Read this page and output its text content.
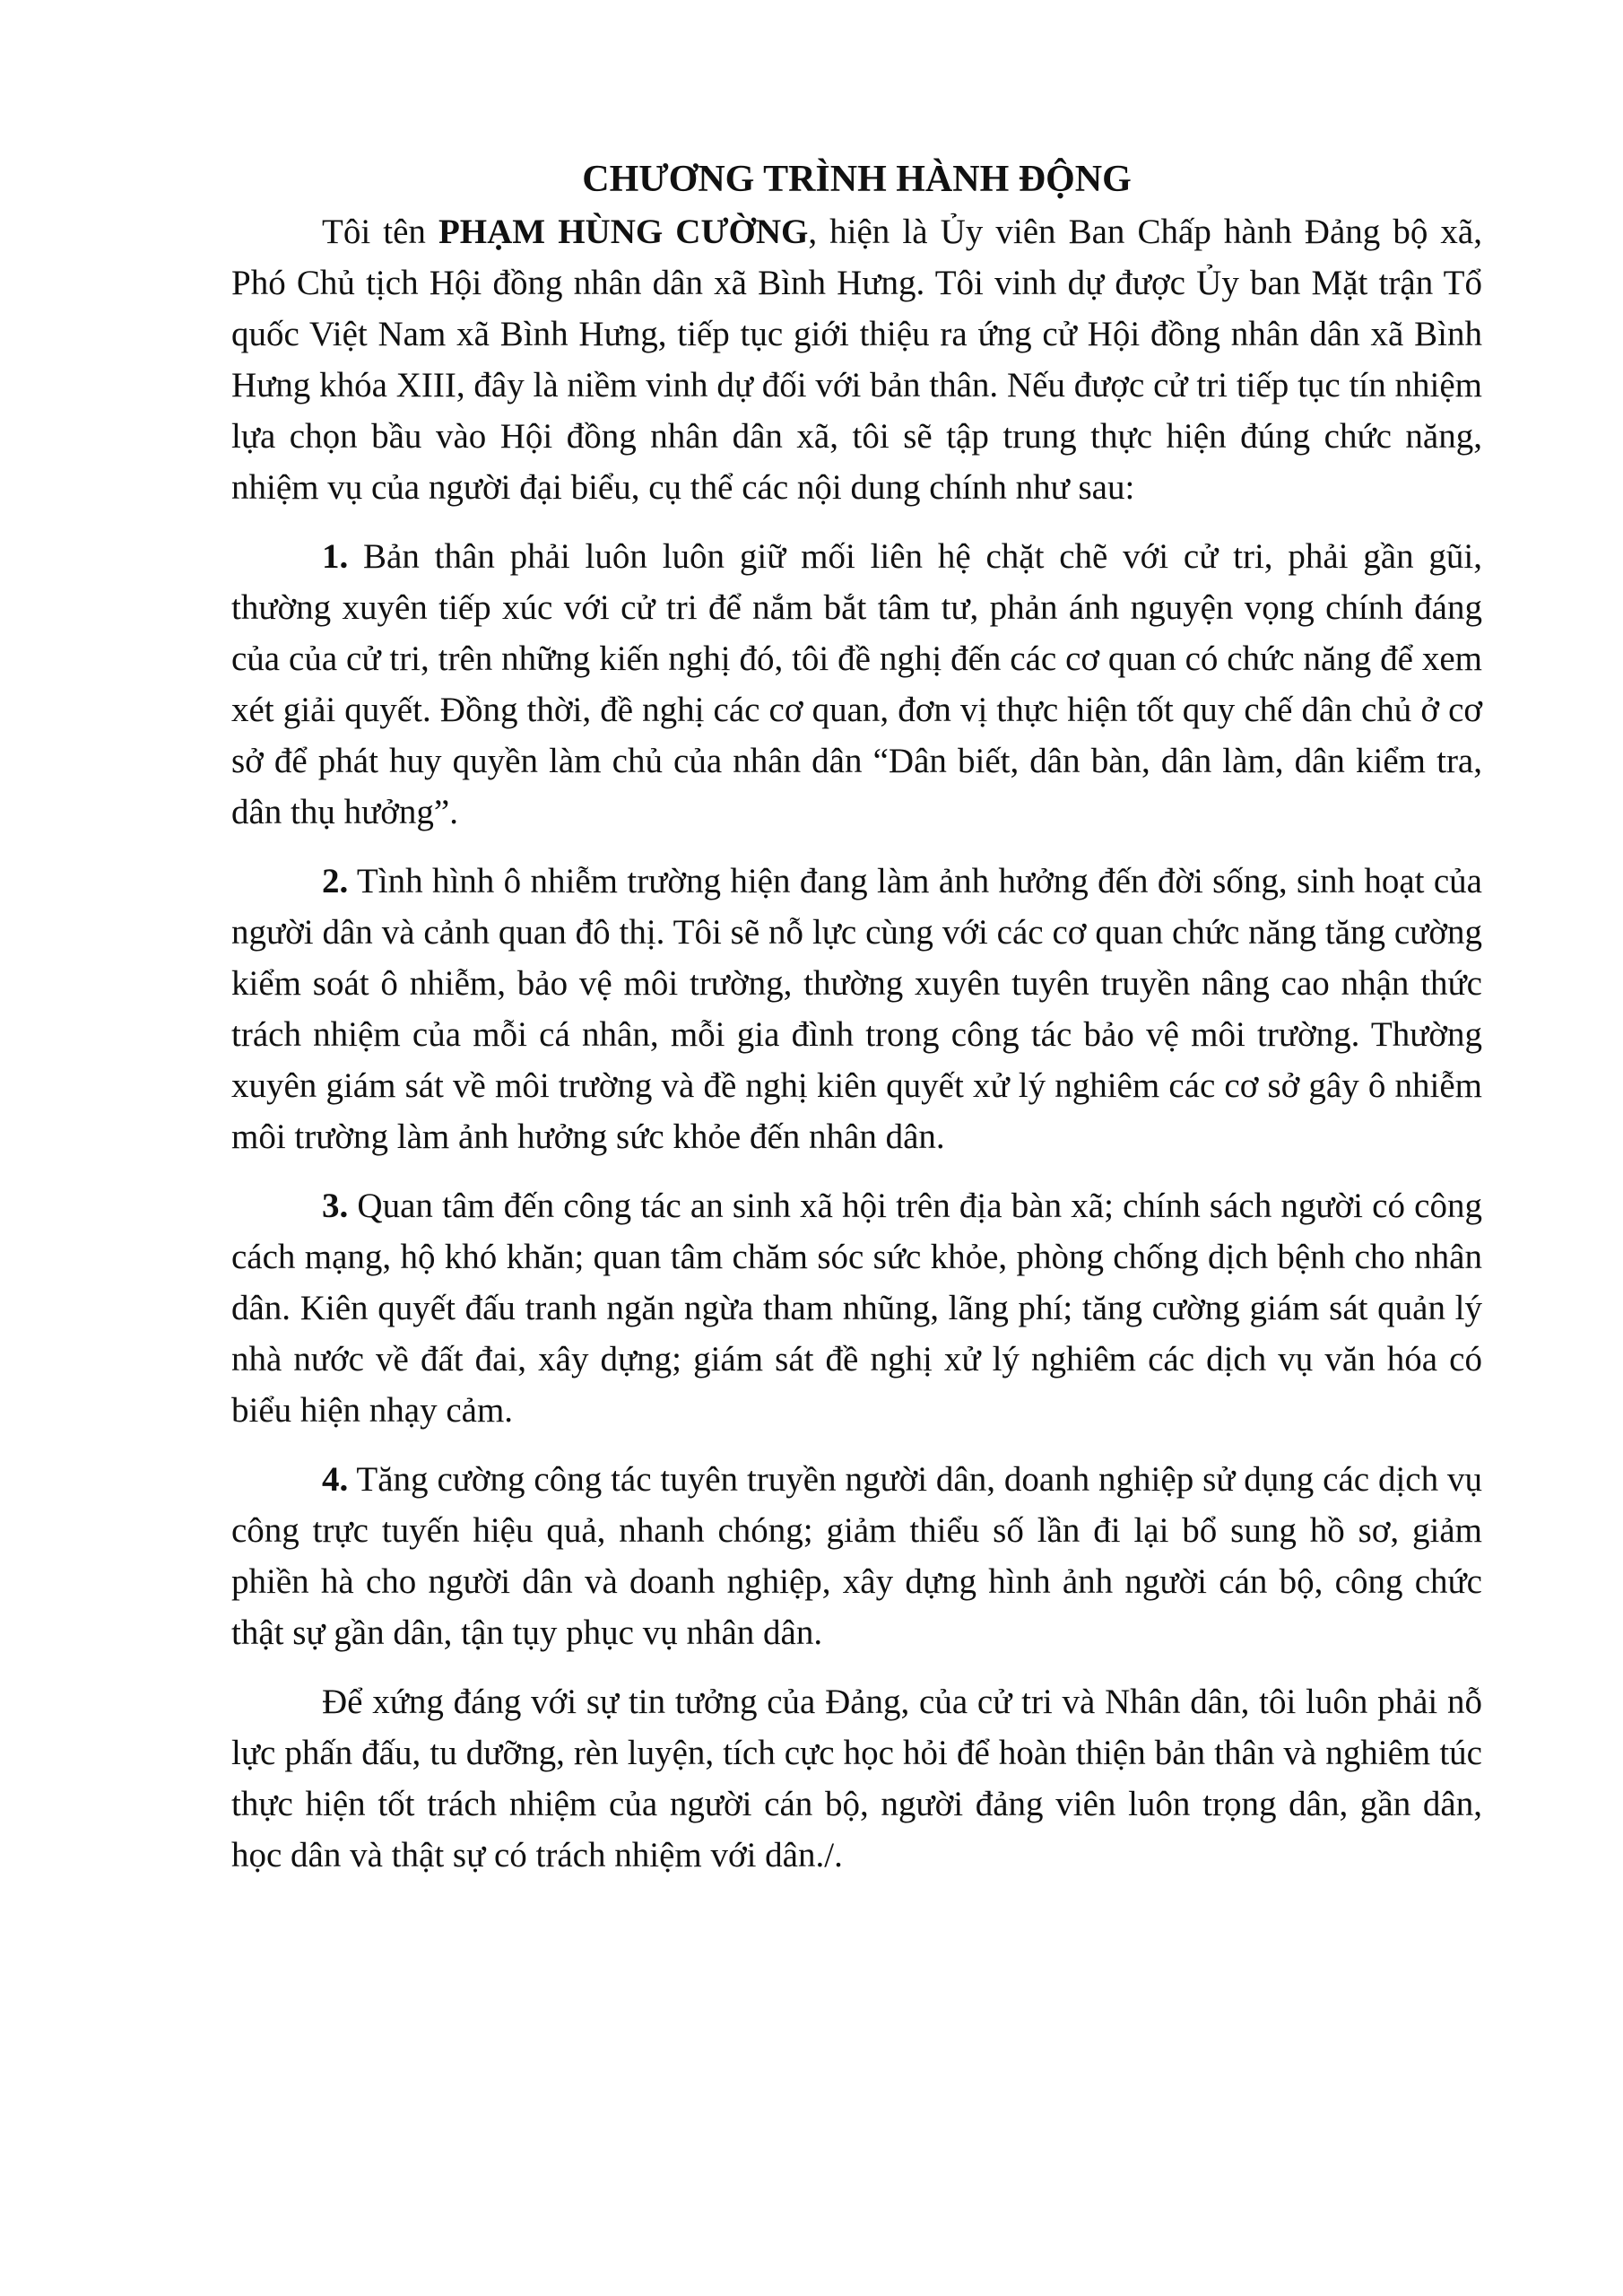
CHƯƠNG TRÌNH HÀNH ĐỘNG

Tôi tên PHẠM HÙNG CƯỜNG, hiện là Ủy viên Ban Chấp hành Đảng bộ xã, Phó Chủ tịch Hội đồng nhân dân xã Bình Hưng. Tôi vinh dự được Ủy ban Mặt trận Tổ quốc Việt Nam xã Bình Hưng, tiếp tục giới thiệu ra ứng cử Hội đồng nhân dân xã Bình Hưng khóa XIII, đây là niềm vinh dự đối với bản thân. Nếu được cử tri tiếp tục tín nhiệm lựa chọn bầu vào Hội đồng nhân dân xã, tôi sẽ tập trung thực hiện đúng chức năng, nhiệm vụ của người đại biểu, cụ thể các nội dung chính như sau:

1. Bản thân phải luôn luôn giữ mối liên hệ chặt chẽ với cử tri, phải gần gũi, thường xuyên tiếp xúc với cử tri để nắm bắt tâm tư, phản ánh nguyện vọng chính đáng của của cử tri, trên những kiến nghị đó, tôi đề nghị đến các cơ quan có chức năng để xem xét giải quyết. Đồng thời, đề nghị các cơ quan, đơn vị thực hiện tốt quy chế dân chủ ở cơ sở để phát huy quyền làm chủ của nhân dân “Dân biết, dân bàn, dân làm, dân kiểm tra, dân thụ hưởng”.

2. Tình hình ô nhiễm trường hiện đang làm ảnh hưởng đến đời sống, sinh hoạt của người dân và cảnh quan đô thị. Tôi sẽ nỗ lực cùng với các cơ quan chức năng tăng cường kiểm soát ô nhiễm, bảo vệ môi trường, thường xuyên tuyên truyền nâng cao nhận thức trách nhiệm của mỗi cá nhân, mỗi gia đình trong công tác bảo vệ môi trường. Thường xuyên giám sát về môi trường và đề nghị kiên quyết xử lý nghiêm các cơ sở gây ô nhiễm môi trường làm ảnh hưởng sức khỏe đến nhân dân.

3. Quan tâm đến công tác an sinh xã hội trên địa bàn xã; chính sách người có công cách mạng, hộ khó khăn; quan tâm chăm sóc sức khỏe, phòng chống dịch bệnh cho nhân dân. Kiên quyết đấu tranh ngăn ngừa tham nhũng, lãng phí; tăng cường giám sát quản lý nhà nước về đất đai, xây dựng; giám sát đề nghị xử lý nghiêm các dịch vụ văn hóa có biểu hiện nhạy cảm.

4. Tăng cường công tác tuyên truyền người dân, doanh nghiệp sử dụng các dịch vụ công trực tuyến hiệu quả, nhanh chóng; giảm thiểu số lần đi lại bổ sung hồ sơ, giảm phiền hà cho người dân và doanh nghiệp, xây dựng hình ảnh người cán bộ, công chức thật sự gần dân, tận tụy phục vụ nhân dân.

Để xứng đáng với sự tin tưởng của Đảng, của cử tri và Nhân dân, tôi luôn phải nỗ lực phấn đấu, tu dưỡng, rèn luyện, tích cực học hỏi để hoàn thiện bản thân và nghiêm túc thực hiện tốt trách nhiệm của người cán bộ, người đảng viên luôn trọng dân, gần dân, học dân và thật sự có trách nhiệm với dân./.
